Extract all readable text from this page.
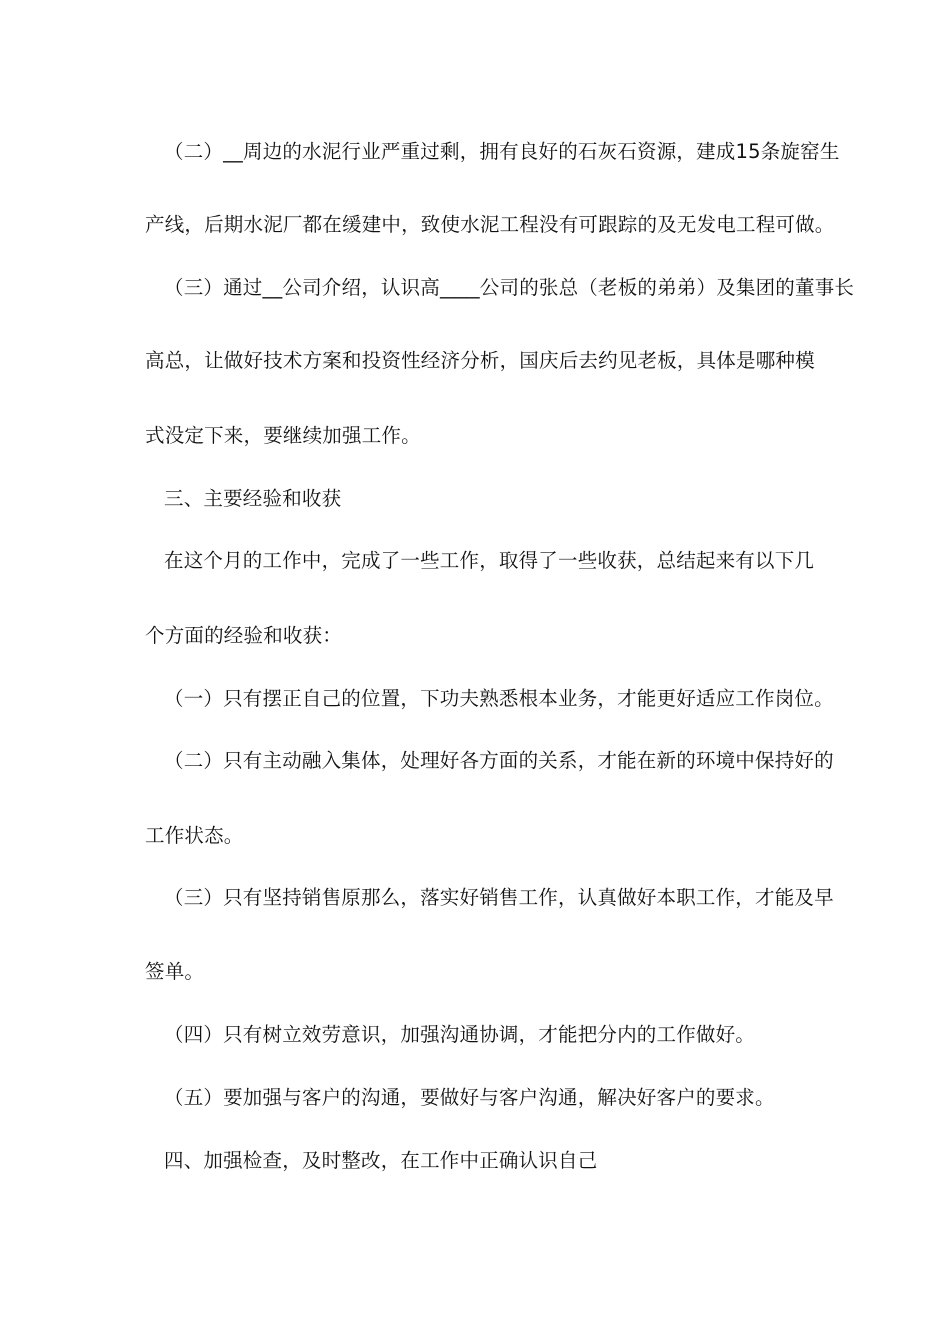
（二）__周边的水泥行业严重过剩，拥有良好的石灰石资源，建成15条旋窑生
产线，后期水泥厂都在缓建中，致使水泥工程没有可跟踪的及无发电工程可做。
（三）通过__公司介绍，认识高____公司的张总（老板的弟弟）及集团的董事长
高总，让做好技术方案和投资性经济分析，国庆后去约见老板，具体是哪种模
式没定下来，要继续加强工作。
三、主要经验和收获
在这个月的工作中，完成了一些工作，取得了一些收获，总结起来有以下几
个方面的经验和收获：
（一）只有摆正自己的位置，下功夫熟悉根本业务，才能更好适应工作岗位。
（二）只有主动融入集体，处理好各方面的关系，才能在新的环境中保持好的
工作状态。
（三）只有坚持销售原那么，落实好销售工作，认真做好本职工作，才能及早
签单。
（四）只有树立效劳意识，加强沟通协调，才能把分内的工作做好。
（五）要加强与客户的沟通，要做好与客户沟通，解决好客户的要求。
四、加强检查，及时整改，在工作中正确认识自己
